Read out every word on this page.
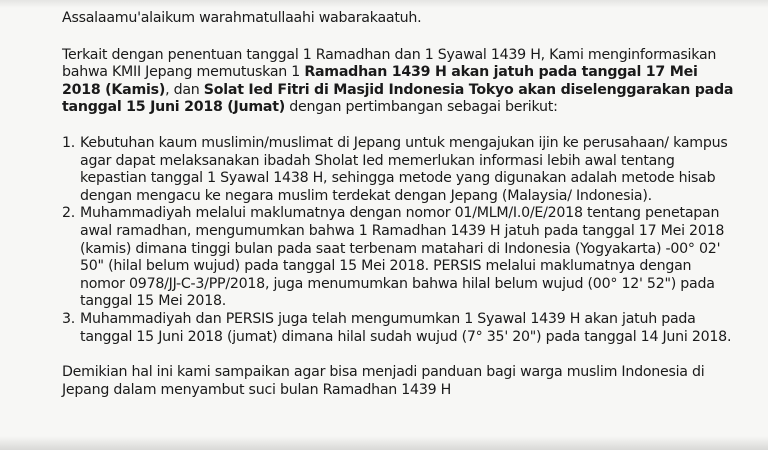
Assalaamu'alaikum warahmatullaahi wabarakaatuh.

Terkait dengan penentuan tanggal 1 Ramadhan dan 1 Syawal 1439 H, Kami menginformasikan bahwa KMII Jepang memutuskan 1 Ramadhan 1439 H akan jatuh pada tanggal 17 Mei 2018 (Kamis), dan Solat Ied Fitri di Masjid Indonesia Tokyo akan diselenggarakan pada tanggal 15 Juni 2018 (Jumat) dengan pertimbangan sebagai berikut:

1. Kebutuhan kaum muslimin/muslimat di Jepang untuk mengajukan ijin ke perusahaan/ kampus agar dapat melaksanakan ibadah Sholat Ied memerlukan informasi lebih awal tentang kepastian tanggal 1 Syawal 1438 H, sehingga metode yang digunakan adalah metode hisab dengan mengacu ke negara muslim terdekat dengan Jepang (Malaysia/ Indonesia).
2. Muhammadiyah melalui maklumatnya dengan nomor 01/MLM/I.0/E/2018 tentang penetapan awal ramadhan, mengumumkan bahwa 1 Ramadhan 1439 H jatuh pada tanggal 17 Mei 2018 (kamis) dimana tinggi bulan pada saat terbenam matahari di Indonesia (Yogyakarta) -00° 02' 50" (hilal belum wujud) pada tanggal 15 Mei 2018. PERSIS melalui maklumatnya dengan nomor 0978/JJ-C-3/PP/2018, juga menumumkan bahwa hilal belum wujud (00° 12' 52") pada tanggal 15 Mei 2018.
3. Muhammadiyah dan PERSIS juga telah mengumumkan 1 Syawal 1439 H akan jatuh pada tanggal 15 Juni 2018 (jumat) dimana hilal sudah wujud (7° 35' 20") pada tanggal 14 Juni 2018.

Demikian hal ini kami sampaikan agar bisa menjadi panduan bagi warga muslim Indonesia di Jepang dalam menyambut suci bulan Ramadhan 1439 H
